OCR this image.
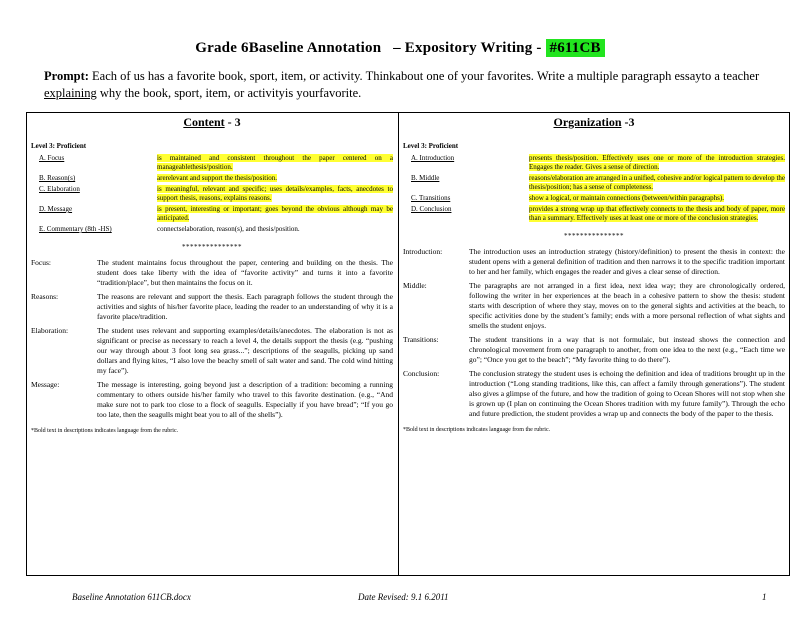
Grade 6Baseline Annotation   – Expository Writing - #611CB
Prompt: Each of us has a favorite book, sport, item, or activity. Thinkabout one of your favorites. Write a multiple paragraph essayto a teacher explaining why the book, sport, item, or activityis yourfavorite.
Content - 3
Level 3: Proficient
A. Focus	is maintained and consistent throughout the paper centered on a manageablethesis/position.
B. Reason(s)	arerelevant and support the thesis/position.
C. Elaboration	is meaningful, relevant and specific; uses details/examples, facts, anecdotes to support thesis, reasons, explains reasons.
D. Message	is present, interesting or important; goes beyond the obvious although may be anticipated.
E. Commentary (8th -HS)	connectselaboration, reason(s), and thesis/position.
***************
Focus:	The student maintains focus throughout the paper, centering and building on the thesis. The student does take liberty with the idea of “favorite activity” and turns it into a favorite “tradition/place”, but then maintains the focus on it.
Reasons:	The reasons are relevant and support the thesis. Each paragraph follows the student through the activities and sights of his/her favorite place, leading the reader to an understanding of why it is a favorite place/tradition.
Elaboration:	The student uses relevant and supporting examples/details/anecdotes. The elaboration is not as significant or precise as necessary to reach a level 4, the details support the thesis (e.g. “pushing our way through about 3 foot long sea grass...”; descriptions of the seagulls, picking up sand dollars and flying kites, “I also love the beachy smell of salt water and sand. The cold wind hitting my face”).
Message:	The message is interesting, going beyond just a description of a tradition: becoming a running commentary to others outside his/her family who travel to this favorite destination. (e.g., “And make sure not to park too close to a flock of seagulls. Especially if you have bread”; “If you go too late, then the seagulls might beat you to all of the shells”).
*Bold text in descriptions indicates language from the rubric.
Organization -3
Level 3: Proficient
A. Introduction	presents thesis/position. Effectively uses one or more of the introduction strategies. Engages the reader. Gives a sense of direction.
B. Middle	reasons/elaboration are arranged in a unified, cohesive and/or logical pattern to develop the thesis/position; has a sense of completeness.
C. Transitions	show a logical, or maintain connections (between/within paragraphs).
D. Conclusion	provides a strong wrap up that effectively connects to the thesis and body of paper, more than a summary. Effectively uses at least one or more of the conclusion strategies.
***************
Introduction:	The introduction uses an introduction strategy (history/definition) to present the thesis in context: the student opens with a general definition of tradition and then narrows it to the specific tradition important to her and her family, which engages the reader and gives a clear sense of direction.
Middle:	The paragraphs are not arranged in a first idea, next idea way; they are chronologically ordered, following the writer in her experiences at the beach in a cohesive pattern to show the thesis: student starts with description of where they stay, moves on to the general sights and activities at the beach, to specific activities done by the student’s family; ends with a more personal reflection of what sights and smells the student enjoys.
Transitions:	The student transitions in a way that is not formulaic, but instead shows the connection and chronological movement from one paragraph to another, from one idea to the next (e.g., “Each time we go”; “Once you get to the beach”; “My favorite thing to do there”).
Conclusion:	The conclusion strategy the student uses is echoing the definition and idea of traditions brought up in the introduction (“Long standing traditions, like this, can affect a family through generations”). The student also gives a glimpse of the future, and how the tradition of going to Ocean Shores will not stop when she is grown up (I plan on continuing the Ocean Shores tradition with my future family”). Through the echo and future prediction, the student provides a wrap up and connects the body of the paper to the thesis.
*Bold text in descriptions indicates language from the rubric.
Baseline Annotation 611CB.docx	Date Revised: 9.1 6.2011	1
